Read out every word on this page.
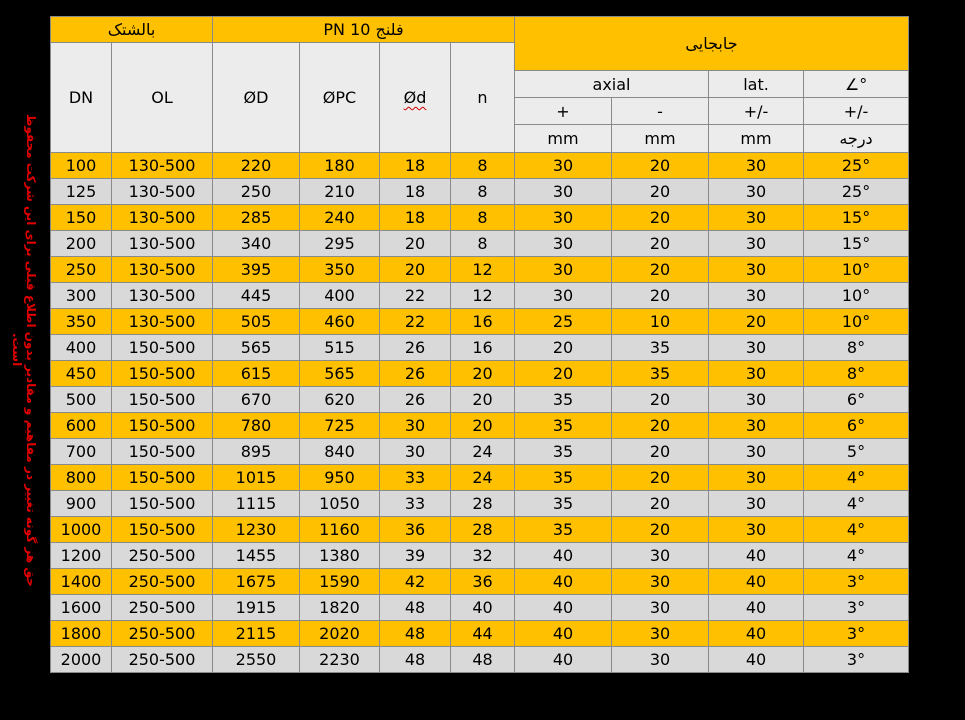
حق هر گونه تغییر در مفاهیم و مقادیر بدون اطلاع قبلی برای این شرکت محفوظ است.
بالشتک		فلنج PN 10				جابجایی			
DN	OL	ØD	ØPC	Ød	n				
						axial		lat.	∠°
						+	-	+/-	+/-
						mm	mm	mm	درجه
100	130-500	220	180	18	8	30	20	30	25°
125	130-500	250	210	18	8	30	20	30	25°
150	130-500	285	240	18	8	30	20	30	15°
200	130-500	340	295	20	8	30	20	30	15°
250	130-500	395	350	20	12	30	20	30	10°
300	130-500	445	400	22	12	30	20	30	10°
350	130-500	505	460	22	16	25	10	20	10°
400	150-500	565	515	26	16	20	35	30	8°
450	150-500	615	565	26	20	20	35	30	8°
500	150-500	670	620	26	20	35	20	30	6°
600	150-500	780	725	30	20	35	20	30	6°
700	150-500	895	840	30	24	35	20	30	5°
800	150-500	1015	950	33	24	35	20	30	4°
900	150-500	1115	1050	33	28	35	20	30	4°
1000	150-500	1230	1160	36	28	35	20	30	4°
1200	250-500	1455	1380	39	32	40	30	40	4°
1400	250-500	1675	1590	42	36	40	30	40	3°
1600	250-500	1915	1820	48	40	40	30	40	3°
1800	250-500	2115	2020	48	44	40	30	40	3°
2000	250-500	2550	2230	48	48	40	30	40	3°
